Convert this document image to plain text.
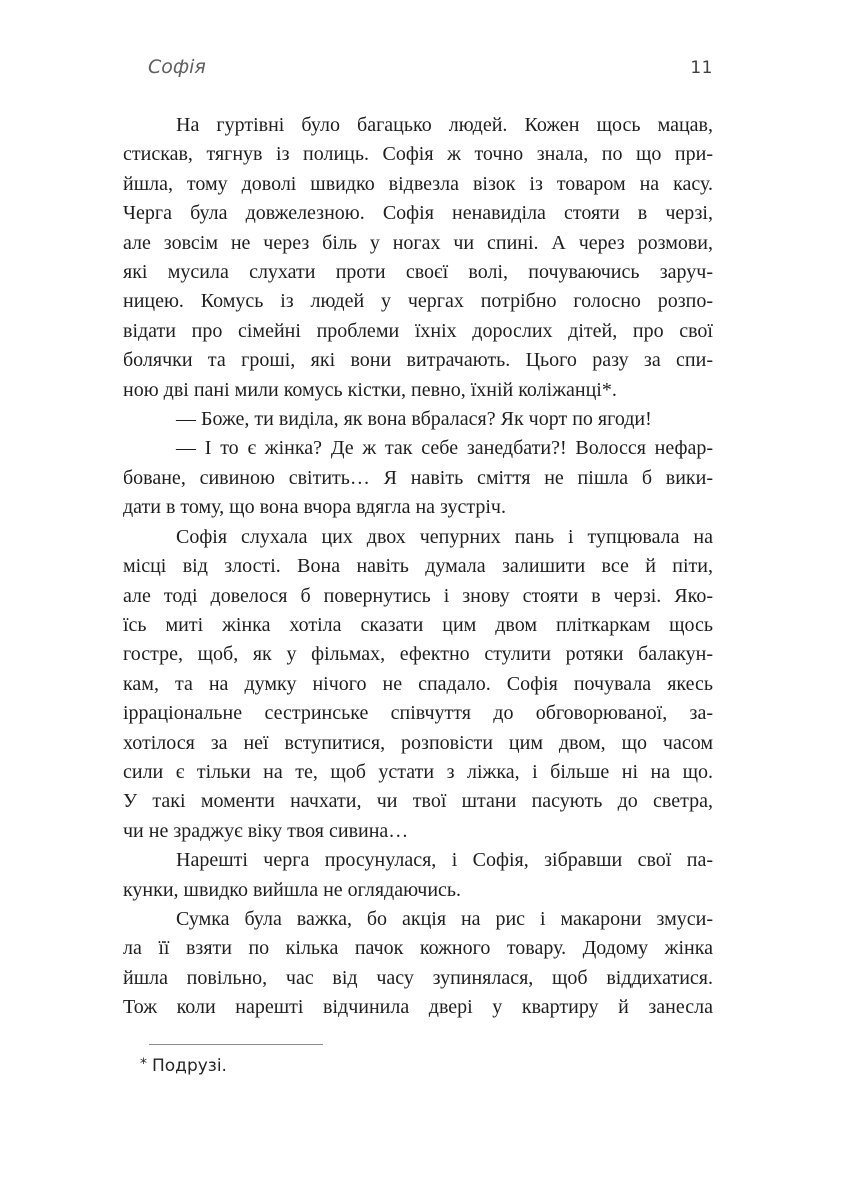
Софія	11
На гуртівні було багацько людей. Кожен щось мацав,
стискав, тягнув із полиць. Софія ж точно знала, по що при-
йшла, тому доволі швидко відвезла візок із товаром на касу.
Черга була довжелезною. Софія ненавиділа стояти в черзі,
але зовсім не через біль у ногах чи спині. А через розмови,
які мусила слухати проти своєї волі, почуваючись заруч-
ницею. Комусь із людей у чергах потрібно голосно розпо-
відати про сімейні проблеми їхніх дорослих дітей, про свої
болячки та гроші, які вони витрачають. Цього разу за спи-
ною дві пані мили комусь кістки, певно, їхній коліжанці*.
— Боже, ти виділа, як вона вбралася? Як чорт по ягоди!
— І то є жінка? Де ж так себе занедбати?! Волосся нефар-
боване, сивиною світить… Я навіть сміття не пішла б вики-
дати в тому, що вона вчора вдягла на зустріч.
Софія слухала цих двох чепурних пань і тупцювала на
місці від злості. Вона навіть думала залишити все й піти,
але тоді довелося б повернутись і знову стояти в черзі. Яко-
їсь миті жінка хотіла сказати цим двом пліткаркам щось
гостре, щоб, як у фільмах, ефектно стулити ротяки балакун-
кам, та на думку нічого не спадало. Софія почувала якесь
ірраціональне сестринське співчуття до обговорюваної, за-
хотілося за неї вступитися, розповісти цим двом, що часом
сили є тільки на те, щоб устати з ліжка, і більше ні на що.
У такі моменти начхати, чи твої штани пасують до светра,
чи не зраджує віку твоя сивина…
Нарешті черга просунулася, і Софія, зібравши свої па-
кунки, швидко вийшла не оглядаючись.
Сумка була важка, бо акція на рис і макарони змуси-
ла її взяти по кілька пачок кожного товару. Додому жінка
йшла повільно, час від часу зупинялася, щоб віддихатися.
Тож коли нарешті відчинила двері у квартиру й занесла
* Подрузі.
